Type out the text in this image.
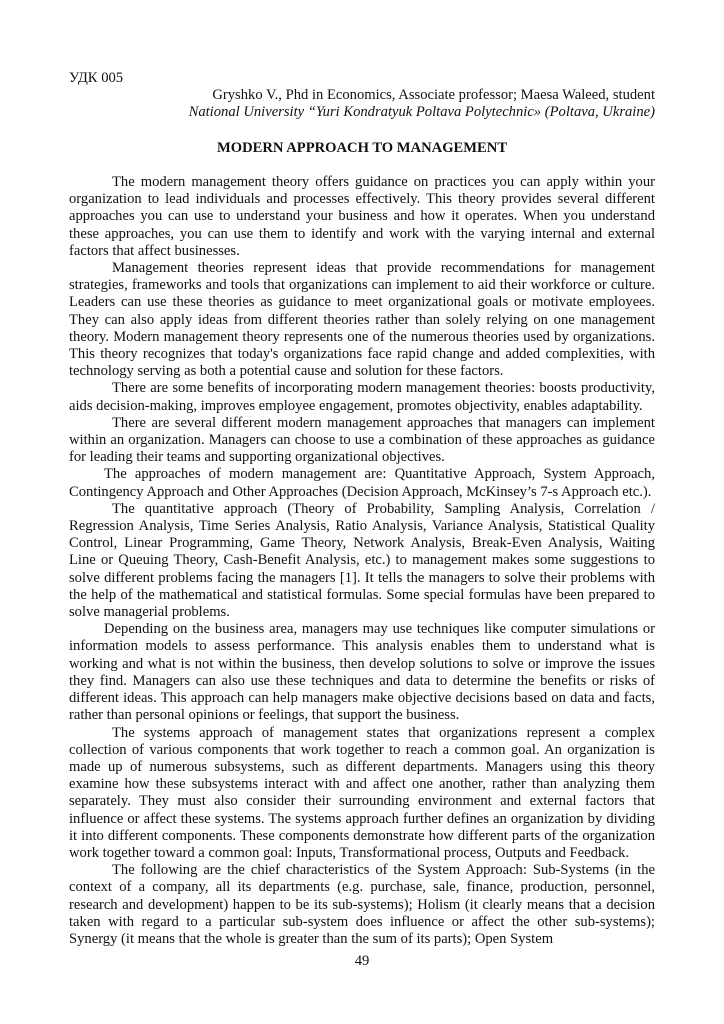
УДК 005
Gryshko V., Phd in Economics, Associate professor; Maesa Waleed, student
National University “Yuri Kondratyuk Poltava Polytechnic» (Poltava, Ukraine)
MODERN APPROACH TO MANAGEMENT

The modern management theory offers guidance on practices you can apply within your organization to lead individuals and processes effectively. This theory provides several different approaches you can use to understand your business and how it operates. When you understand these approaches, you can use them to identify and work with the varying internal and external factors that affect businesses.

Management theories represent ideas that provide recommendations for management strategies, frameworks and tools that organizations can implement to aid their workforce or culture. Leaders can use these theories as guidance to meet organizational goals or motivate employees. They can also apply ideas from different theories rather than solely relying on one management theory. Modern management theory represents one of the numerous theories used by organizations. This theory recognizes that today's organizations face rapid change and added complexities, with technology serving as both a potential cause and solution for these factors.

There are some benefits of incorporating modern management theories: boosts productivity, aids decision-making, improves employee engagement, promotes objectivity, enables adaptability.

There are several different modern management approaches that managers can implement within an organization. Managers can choose to use a combination of these approaches as guidance for leading their teams and supporting organizational objectives.

The approaches of modern management are: Quantitative Approach, System Approach, Contingency Approach and Other Approaches (Decision Approach, McKinsey’s 7-s Approach etc.).

The quantitative approach (Theory of Probability, Sampling Analysis, Correlation / Regression Analysis, Time Series Analysis, Ratio Analysis, Variance Analysis, Statistical Quality Control, Linear Programming, Game Theory, Network Analysis, Break-Even Analysis, Waiting Line or Queuing Theory, Cash-Benefit Analysis, etc.) to management makes some suggestions to solve different problems facing the managers [1]. It tells the managers to solve their problems with the help of the mathematical and statistical formulas. Some special formulas have been prepared to solve managerial problems.

Depending on the business area, managers may use techniques like computer simulations or information models to assess performance. This analysis enables them to understand what is working and what is not within the business, then develop solutions to solve or improve the issues they find. Managers can also use these techniques and data to determine the benefits or risks of different ideas. This approach can help managers make objective decisions based on data and facts, rather than personal opinions or feelings, that support the business.

The systems approach of management states that organizations represent a complex collection of various components that work together to reach a common goal. An organization is made up of numerous subsystems, such as different departments. Managers using this theory examine how these subsystems interact with and affect one another, rather than analyzing them separately. They must also consider their surrounding environment and external factors that influence or affect these systems. The systems approach further defines an organization by dividing it into different components. These components demonstrate how different parts of the organization work together toward a common goal: Inputs, Transformational process, Outputs and Feedback.

The following are the chief characteristics of the System Approach: Sub-Systems (in the context of a company, all its departments (e.g. purchase, sale, finance, production, personnel, research and development) happen to be its sub-systems); Holism (it clearly means that a decision taken with regard to a particular sub-system does influence or affect the other sub-systems); Synergy (it means that the whole is greater than the sum of its parts); Open System

49
